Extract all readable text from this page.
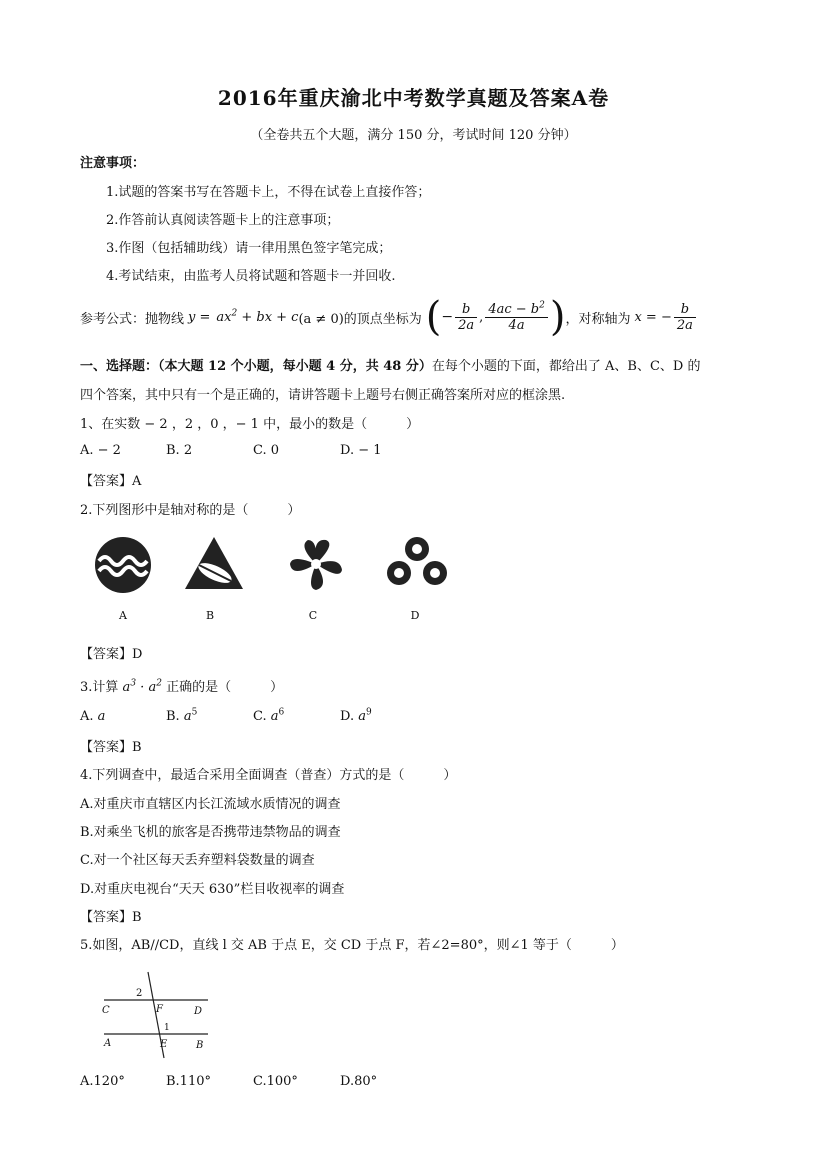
2016年重庆渝北中考数学真题及答案A卷
（全卷共五个大题，满分 150 分，考试时间 120 分钟）
注意事项：
1.试题的答案书写在答题卡上，不得在试卷上直接作答；
2.作答前认真阅读答题卡上的注意事项；
3.作图（包括辅助线）请一律用黑色签字笔完成；
4.考试结束，由监考人员将试题和答题卡一并回收.
参考公式：抛物线 $y = ax^2$ + bx + c (a ≠ 0)的顶点坐标为 ( − $\frac{b}{2a}$ , $\frac{4ac - b^2}{4a}$ ) ，对称轴为 x = − $\frac{b}{2a}$
一、选择题：（本大题 12 个小题，每小题 4 分，共 48 分）在每个小题的下面，都给出了 A、B、C、D 的
四个答案，其中只有一个是正确的，请讲答题卡上题号右侧正确答案所对应的框涂黑.
1、在实数 − 2 ，2 ，0 ，− 1 中，最小的数是（　　　）
A. − 2	B. 2	C. 0	D. − 1
【答案】A
2.下列图形中是轴对称的是（　　　）
A	B	C	D
【答案】D
3.计算 $a^3 \cdot a^2$ 正确的是（　　　）
A. a	B. $a^5$	C. $a^6$	D. $a^9$
【答案】B
4.下列调查中，最适合采用全面调查（普查）方式的是（　　　）
A.对重庆市直辖区内长江流域水质情况的调查
B.对乘坐飞机的旅客是否携带违禁物品的调查
C.对一个社区每天丢弃塑料袋数量的调查
D.对重庆电视台“天天 630”栏目收视率的调查
【答案】B
5.如图，AB//CD，直线 l 交 AB 于点 E，交 CD 于点 F，若∠2=80°，则∠1 等于（　　　）
2
C	F	D
1
A	E	B
A.120°	B.110°	C.100°	D.80°
